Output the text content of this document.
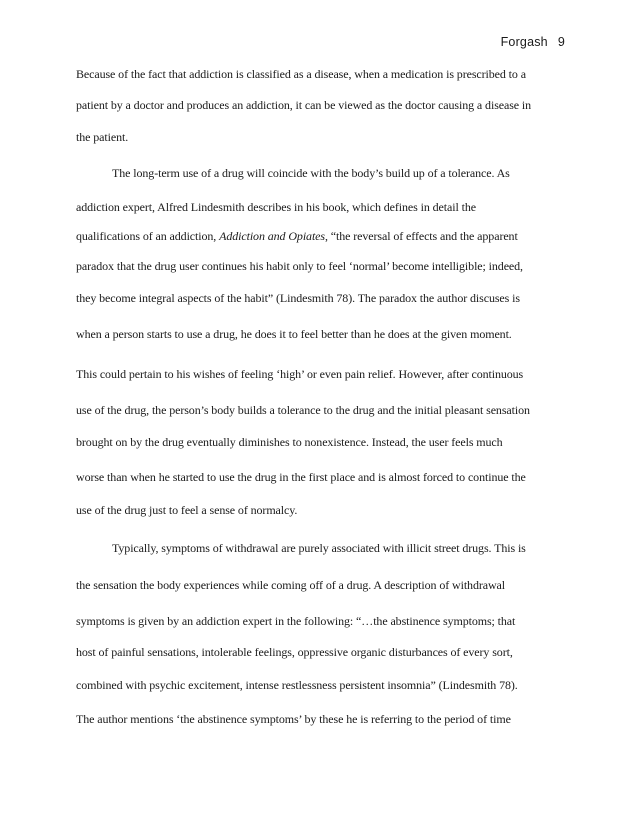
Forgash 9
Because of the fact that addiction is classified as a disease, when a medication is prescribed to a
patient by a doctor and produces an addiction, it can be viewed as the doctor causing a disease in
the patient.
The long-term use of a drug will coincide with the body’s build up of a tolerance. As
addiction expert, Alfred Lindesmith describes in his book, which defines in detail the
qualifications of an addiction, Addiction and Opiates, “the reversal of effects and the apparent
paradox that the drug user continues his habit only to feel ‘normal’ become intelligible; indeed,
they become integral aspects of the habit” (Lindesmith 78). The paradox the author discuses is
when a person starts to use a drug, he does it to feel better than he does at the given moment.
This could pertain to his wishes of feeling ‘high’ or even pain relief. However, after continuous
use of the drug, the person’s body builds a tolerance to the drug and the initial pleasant sensation
brought on by the drug eventually diminishes to nonexistence. Instead, the user feels much
worse than when he started to use the drug in the first place and is almost forced to continue the
use of the drug just to feel a sense of normalcy.
Typically, symptoms of withdrawal are purely associated with illicit street drugs. This is
the sensation the body experiences while coming off of a drug. A description of withdrawal
symptoms is given by an addiction expert in the following: “…the abstinence symptoms; that
host of painful sensations, intolerable feelings, oppressive organic disturbances of every sort,
combined with psychic excitement, intense restlessness persistent insomnia” (Lindesmith 78).
The author mentions ‘the abstinence symptoms’ by these he is referring to the period of time
